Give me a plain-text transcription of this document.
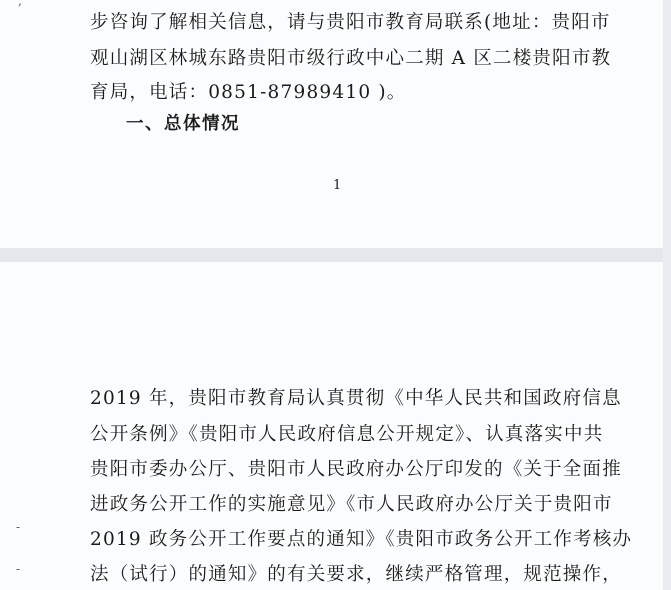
步咨询了解相关信息，请与贵阳市教育局联系(地址：贵阳市
观山湖区林城东路贵阳市级行政中心二期 A 区二楼贵阳市教
育局，电话：0851-87989410 )。
一、总体情况
1
,
2019 年，贵阳市教育局认真贯彻《中华人民共和国政府信息
公开条例》《贵阳市人民政府信息公开规定》、认真落实中共
贵阳市委办公厅、贵阳市人民政府办公厅印发的《关于全面推
进政务公开工作的实施意见》《市人民政府办公厅关于贵阳市
2019 政务公开工作要点的通知》《贵阳市政务公开工作考核办
法（试行）的通知》的有关要求，继续严格管理，规范操作，
-
-
